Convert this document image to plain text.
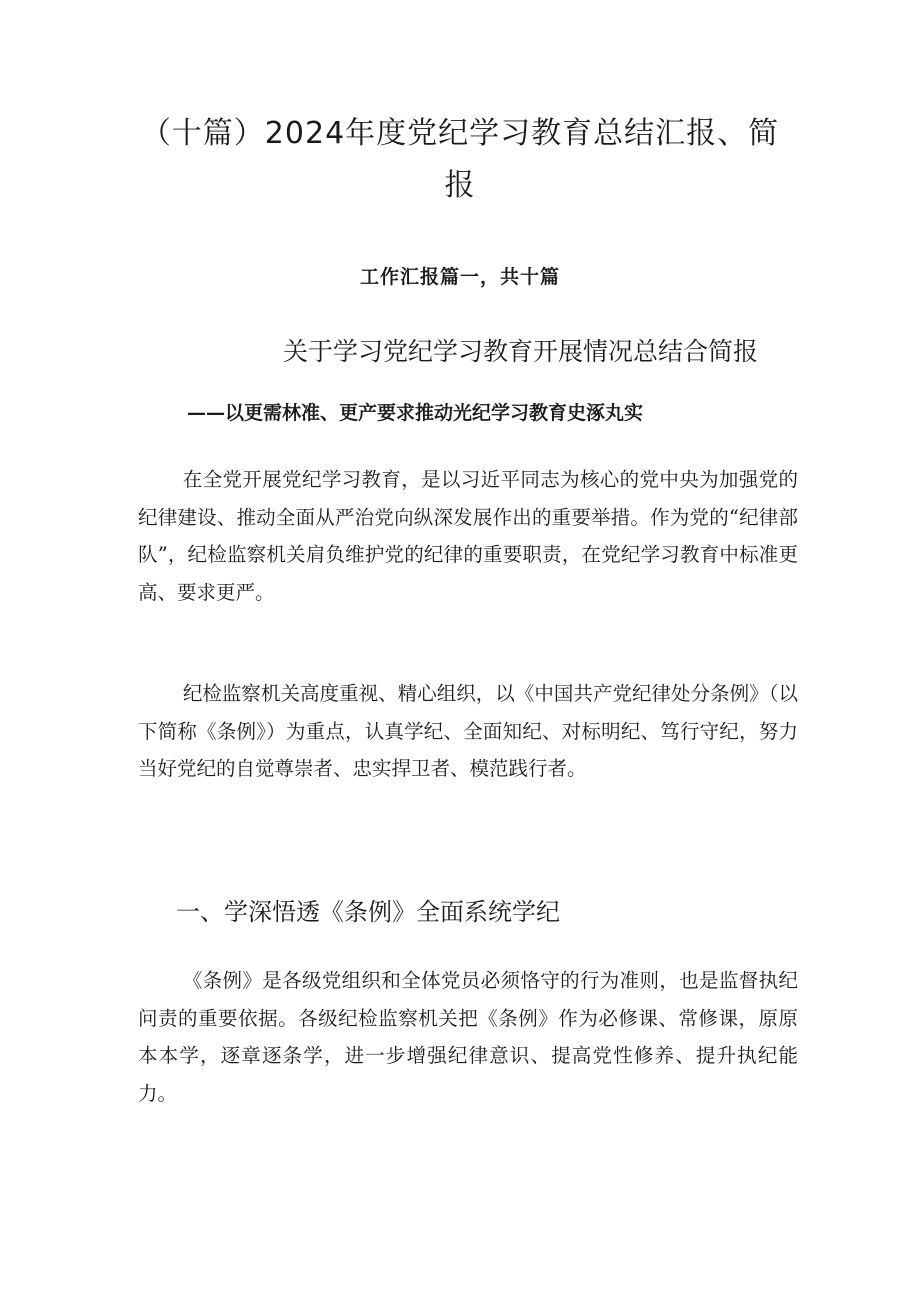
（十篇）2024年度党纪学习教育总结汇报、简报
工作汇报篇一，共十篇
关于学习党纪学习教育开展情况总结合简报
——以更需林准、更产要求推动光纪学习教育史涿丸实

在全党开展党纪学习教育，是以习近平同志为核心的党中央为加强党的纪律建设、推动全面从严治党向纵深发展作出的重要举措。作为党的“纪律部队”，纪检监察机关肩负维护党的纪律的重要职责，在党纪学习教育中标准更高、要求更严。

纪检监察机关高度重视、精心组织，以《中国共产党纪律处分条例》（以下简称《条例》）为重点，认真学纪、全面知纪、对标明纪、笃行守纪，努力当好党纪的自觉尊崇者、忠实捍卫者、模范践行者。

一、学深悟透《条例》全面系统学纪

《条例》是各级党组织和全体党员必须恪守的行为准则，也是监督执纪问责的重要依据。各级纪检监察机关把《条例》作为必修课、常修课，原原本本学，逐章逐条学，进一步增强纪律意识、提高党性修养、提升执纪能力。
